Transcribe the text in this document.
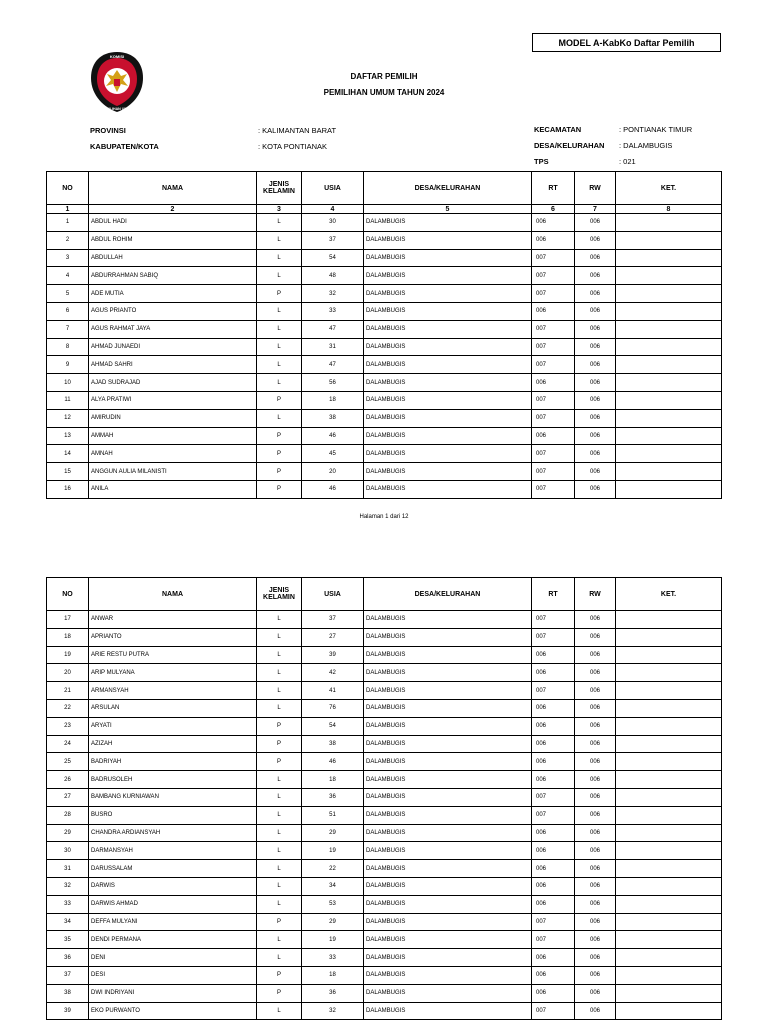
MODEL A-KabKo Daftar Pemilih
KOMISI
PEMILIHAN UMUM
DAFTAR PEMILIH
PEMILIHAN UMUM TAHUN 2024
PROVINSI	: KALIMANTAN BARAT
KABUPATEN/KOTA	: KOTA PONTIANAK
KECAMATAN	: PONTIANAK TIMUR
DESA/KELURAHAN : DALAMBUGIS
TPS	: 021
NO	NAMA	JENIS KELAMIN	USIA	DESA/KELURAHAN	RT	RW	KET.
1	2	3	4	5	6	7	8
1	ABDUL HADI	L	30	DALAMBUGIS	006	006	
2	ABDUL ROHIM	L	37	DALAMBUGIS	006	006	
3	ABDULLAH	L	54	DALAMBUGIS	007	006	
4	ABDURRAHMAN SABIQ	L	48	DALAMBUGIS	007	006	
5	ADE MUTIA	P	32	DALAMBUGIS	007	006	
6	AGUS PRIANTO	L	33	DALAMBUGIS	006	006	
7	AGUS RAHMAT JAYA	L	47	DALAMBUGIS	007	006	
8	AHMAD JUNAEDI	L	31	DALAMBUGIS	007	006	
9	AHMAD SAHRI	L	47	DALAMBUGIS	007	006	
10	AJAD SUDRAJAD	L	56	DALAMBUGIS	006	006	
11	ALYA PRATIWI	P	18	DALAMBUGIS	007	006	
12	AMIRUDIN	L	38	DALAMBUGIS	007	006	
13	AMMAH	P	46	DALAMBUGIS	006	006	
14	AMNAH	P	45	DALAMBUGIS	007	006	
15	ANGGUN AULIA MILANISTI	P	20	DALAMBUGIS	007	006	
16	ANILA	P	46	DALAMBUGIS	007	006	
Halaman 1 dari 12
NO	NAMA	JENIS KELAMIN	USIA	DESA/KELURAHAN	RT	RW	KET.
17	ANWAR	L	37	DALAMBUGIS	007	006	
18	APRIANTO	L	27	DALAMBUGIS	007	006	
19	ARIE RESTU PUTRA	L	39	DALAMBUGIS	006	006	
20	ARIP MULYANA	L	42	DALAMBUGIS	006	006	
21	ARMANSYAH	L	41	DALAMBUGIS	007	006	
22	ARSULAN	L	76	DALAMBUGIS	006	006	
23	ARYATI	P	54	DALAMBUGIS	006	006	
24	AZIZAH	P	38	DALAMBUGIS	006	006	
25	BADRIYAH	P	46	DALAMBUGIS	006	006	
26	BADRUSOLEH	L	18	DALAMBUGIS	006	006	
27	BAMBANG KURNIAWAN	L	36	DALAMBUGIS	007	006	
28	BUSRO	L	51	DALAMBUGIS	007	006	
29	CHANDRA ARDIANSYAH	L	29	DALAMBUGIS	006	006	
30	DARMANSYAH	L	19	DALAMBUGIS	006	006	
31	DARUSSALAM	L	22	DALAMBUGIS	006	006	
32	DARWIS	L	34	DALAMBUGIS	006	006	
33	DARWIS AHMAD	L	53	DALAMBUGIS	006	006	
34	DEFFA MULYANI	P	29	DALAMBUGIS	007	006	
35	DENDI PERMANA	L	19	DALAMBUGIS	007	006	
36	DENI	L	33	DALAMBUGIS	006	006	
37	DESI	P	18	DALAMBUGIS	006	006	
38	DWI INDRIYANI	P	36	DALAMBUGIS	006	006	
39	EKO PURWANTO	L	32	DALAMBUGIS	007	006	
